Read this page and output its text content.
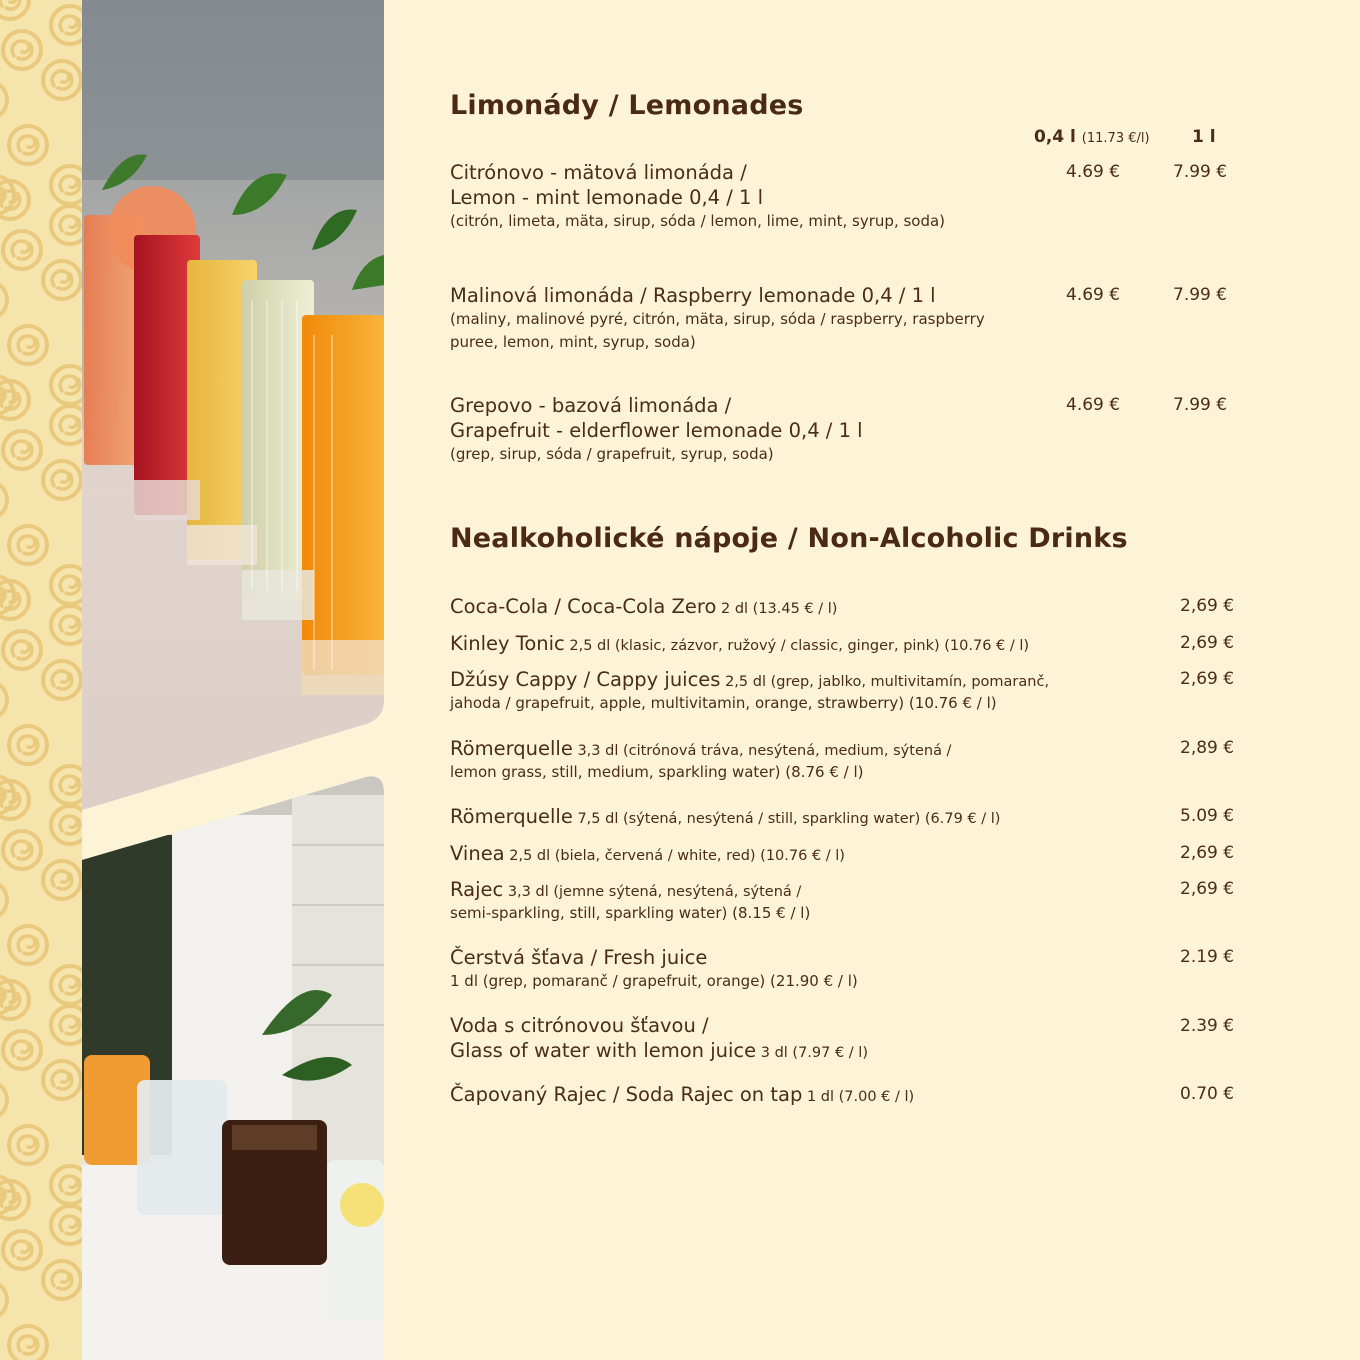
Limonády / Lemonades
0,4 l (11.73 €/l) 1 l
Citrónovo - mätová limonáda /
Lemon - mint lemonade 0,4 / 1 l
(citrón, limeta, mäta, sirup, sóda / lemon, lime, mint, syrup, soda)
4.69 €	7.99 €
Malinová limonáda / Raspberry lemonade 0,4 / 1 l
(maliny, malinové pyré, citrón, mäta, sirup, sóda / raspberry, raspberry
puree, lemon, mint, syrup, soda)
4.69 €	7.99 €
Grepovo - bazová limonáda /
Grapefruit - elderflower lemonade 0,4 / 1 l
(grep, sirup, sóda / grapefruit, syrup, soda)
4.69 €	7.99 €
Nealkoholické nápoje / Non-Alcoholic Drinks
Coca-Cola / Coca-Cola Zero 2 dl (13.45 € / l)	2,69 €
Kinley Tonic 2,5 dl (klasic, zázvor, ružový / classic, ginger, pink) (10.76 € / l)	2,69 €
Džúsy Cappy / Cappy juices 2,5 dl (grep, jablko, multivitamín, pomaranč,
jahoda / grapefruit, apple, multivitamin, orange, strawberry) (10.76 € / l)
2,69 €
Römerquelle 3,3 dl (citrónová tráva, nesýtená, medium, sýtená /
lemon grass, still, medium, sparkling water) (8.76 € / l)
2,89 €
Römerquelle 7,5 dl (sýtená, nesýtená / still, sparkling water) (6.79 € / l)	5.09 €
Vinea 2,5 dl (biela, červená / white, red) (10.76 € / l)	2,69 €
Rajec 3,3 dl (jemne sýtená, nesýtená, sýtená /
semi-sparkling, still, sparkling water) (8.15 € / l)
2,69 €
Čerstvá šťava / Fresh juice
1 dl (grep, pomaranč / grapefruit, orange) (21.90 € / l)
2.19 €
Voda s citrónovou šťavou /
Glass of water with lemon juice 3 dl (7.97 € / l)
2.39 €
Čapovaný Rajec / Soda Rajec on tap 1 dl (7.00 € / l)	0.70 €
